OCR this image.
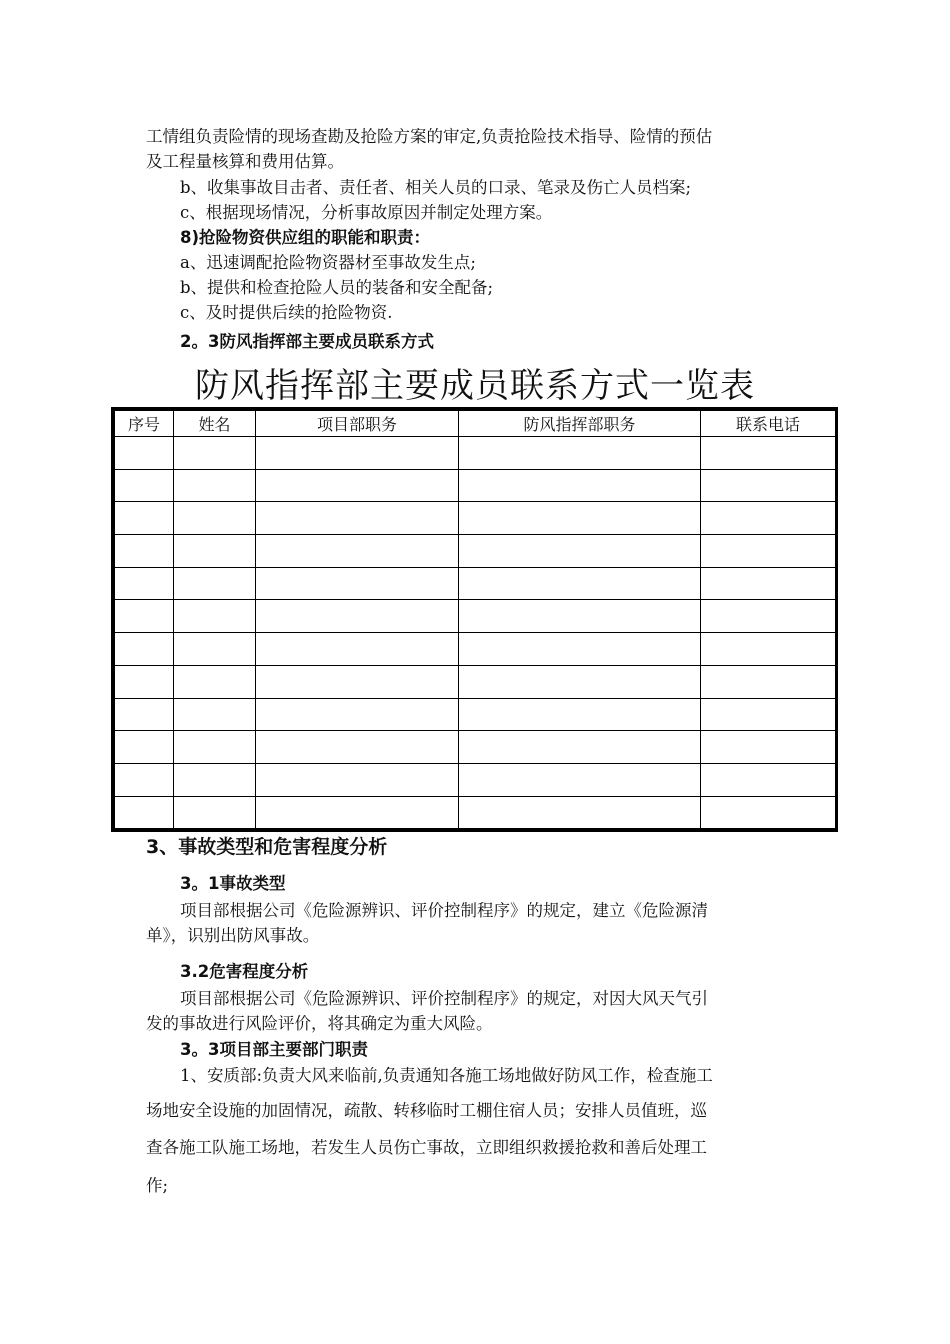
工情组负责险情的现场查勘及抢险方案的审定,负责抢险技术指导、险情的预估
及工程量核算和费用估算。
b、收集事故目击者、责任者、相关人员的口录、笔录及伤亡人员档案;
c、根据现场情况，分析事故原因并制定处理方案。
8)抢险物资供应组的职能和职责：
a、迅速调配抢险物资器材至事故发生点;
b、提供和检查抢险人员的装备和安全配备;
c、及时提供后续的抢险物资.
2。3防风指挥部主要成员联系方式
防风指挥部主要成员联系方式一览表
序号	姓名	项目部职务	防风指挥部职务	联系电话

3、事故类型和危害程度分析
3。1事故类型
项目部根据公司《危险源辨识、评价控制程序》的规定，建立《危险源清
单》，识别出防风事故。
3.2危害程度分析
项目部根据公司《危险源辨识、评价控制程序》的规定，对因大风天气引
发的事故进行风险评价，将其确定为重大风险。
3。3项目部主要部门职责
1、安质部:负责大风来临前,负责通知各施工场地做好防风工作，检查施工
场地安全设施的加固情况，疏散、转移临时工棚住宿人员；安排人员值班，巡
查各施工队施工场地，若发生人员伤亡事故，立即组织救援抢救和善后处理工
作;
